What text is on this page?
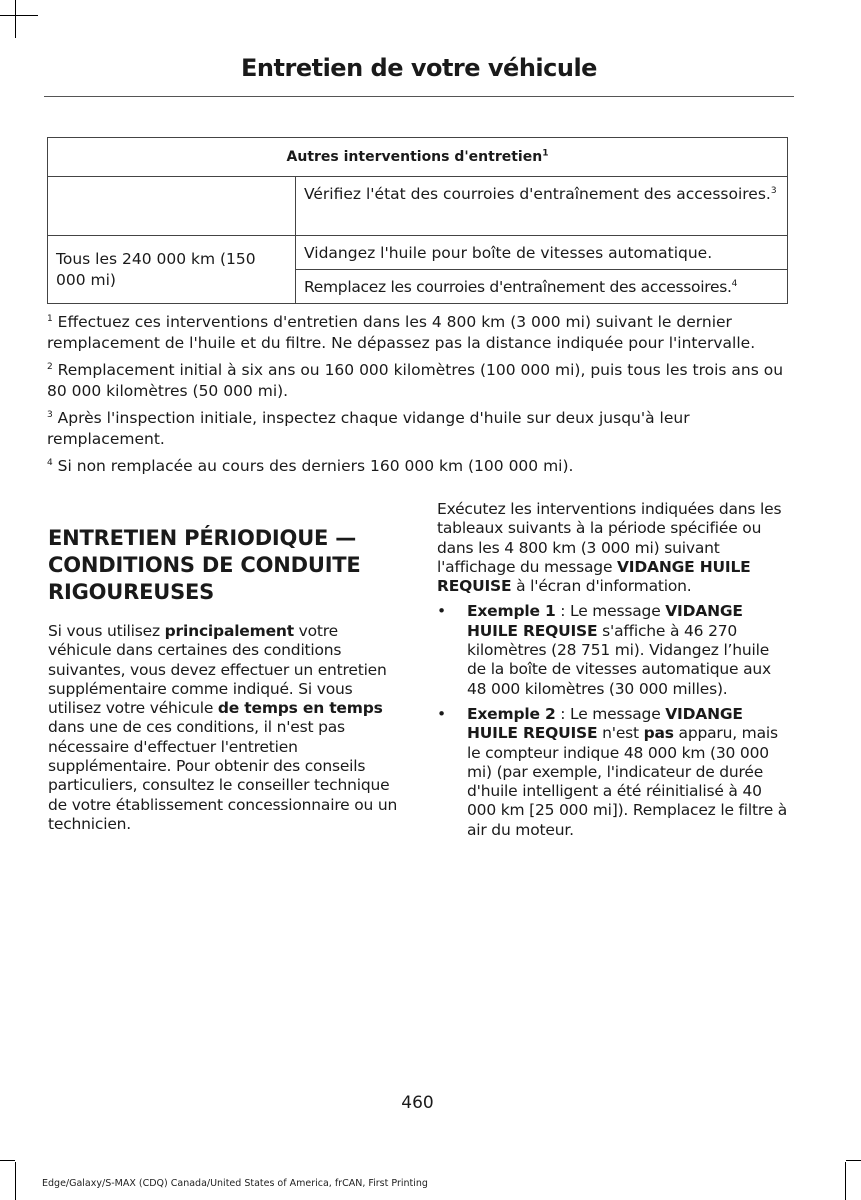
Entretien de votre véhicule
Autres interventions d'entretien$^1$
	Vérifiez l'état des courroies d'entraînement des accessoires.$^3$
Tous les 240 000 km (150 000 mi)	Vidangez l'huile pour boîte de vitesses automatique.
	Remplacez les courroies d'entraînement des accessoires.$^4$

$^1$ Effectuez ces interventions d'entretien dans les 4 800 km (3 000 mi) suivant le dernier remplacement de l'huile et du filtre. Ne dépassez pas la distance indiquée pour l'intervalle.

$^2$ Remplacement initial à six ans ou 160 000 kilomètres (100 000 mi), puis tous les trois ans ou 80 000 kilomètres (50 000 mi).

$^3$ Après l'inspection initiale, inspectez chaque vidange d'huile sur deux jusqu'à leur remplacement.

$^4$ Si non remplacée au cours des derniers 160 000 km (100 000 mi).

ENTRETIEN PÉRIODIQUE — CONDITIONS DE CONDUITE RIGOUREUSES

Si vous utilisez principalement votre véhicule dans certaines des conditions suivantes, vous devez effectuer un entretien supplémentaire comme indiqué. Si vous utilisez votre véhicule de temps en temps dans une de ces conditions, il n'est pas nécessaire d'effectuer l'entretien supplémentaire. Pour obtenir des conseils particuliers, consultez le conseiller technique de votre établissement concessionnaire ou un technicien.

Exécutez les interventions indiquées dans les tableaux suivants à la période spécifiée ou dans les 4 800 km (3 000 mi) suivant l'affichage du message VIDANGE HUILE REQUISE à l'écran d'information.

• Exemple 1 : Le message VIDANGE HUILE REQUISE s'affiche à 46 270 kilomètres (28 751 mi). Vidangez l’huile de la boîte de vitesses automatique aux 48 000 kilomètres (30 000 milles).
• Exemple 2 : Le message VIDANGE HUILE REQUISE n'est pas apparu, mais le compteur indique 48 000 km (30 000 mi) (par exemple, l'indicateur de durée d'huile intelligent a été réinitialisé à 40 000 km [25 000 mi]). Remplacez le filtre à air du moteur.
460
Edge/Galaxy/S-MAX (CDQ) Canada/United States of America, frCAN, First Printing
